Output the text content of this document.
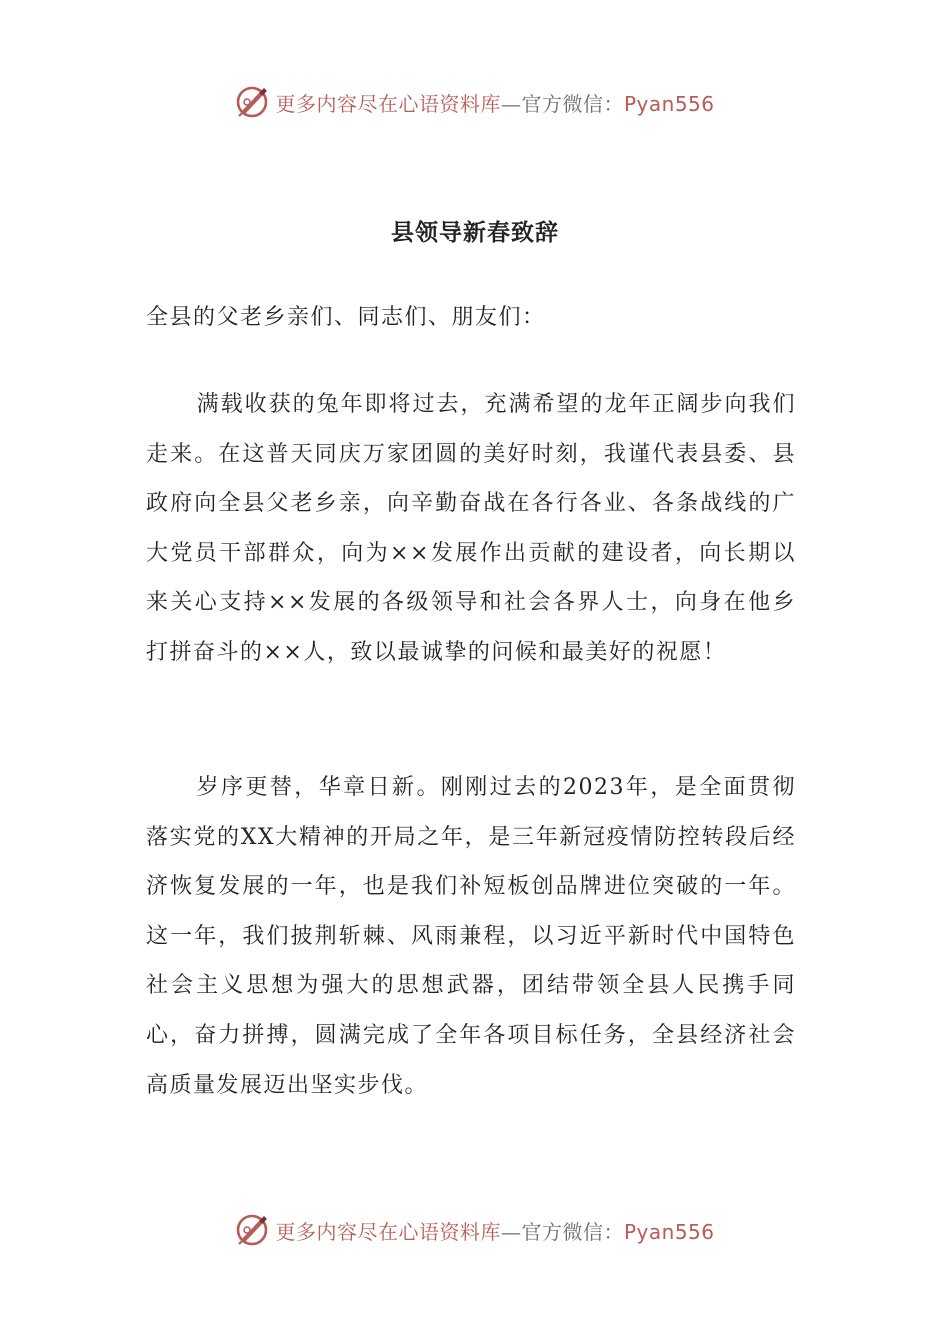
更多内容尽在心语资料库—官方微信：Pyan556
县领导新春致辞

全县的父老乡亲们、同志们、朋友们：

满载收获的兔年即将过去，充满希望的龙年正阔步向我们走来。在这普天同庆万家团圆的美好时刻，我谨代表县委、县政府向全县父老乡亲，向辛勤奋战在各行各业、各条战线的广大党员干部群众，向为××发展作出贡献的建设者，向长期以来关心支持××发展的各级领导和社会各界人士，向身在他乡打拼奋斗的××人，致以最诚挚的问候和最美好的祝愿！

岁序更替，华章日新。刚刚过去的2023年，是全面贯彻落实党的XX大精神的开局之年，是三年新冠疫情防控转段后经济恢复发展的一年，也是我们补短板创品牌进位突破的一年。这一年，我们披荆斩棘、风雨兼程，以习近平新时代中国特色社会主义思想为强大的思想武器，团结带领全县人民携手同心，奋力拼搏，圆满完成了全年各项目标任务，全县经济社会高质量发展迈出坚实步伐。

更多内容尽在心语资料库—官方微信：Pyan556
